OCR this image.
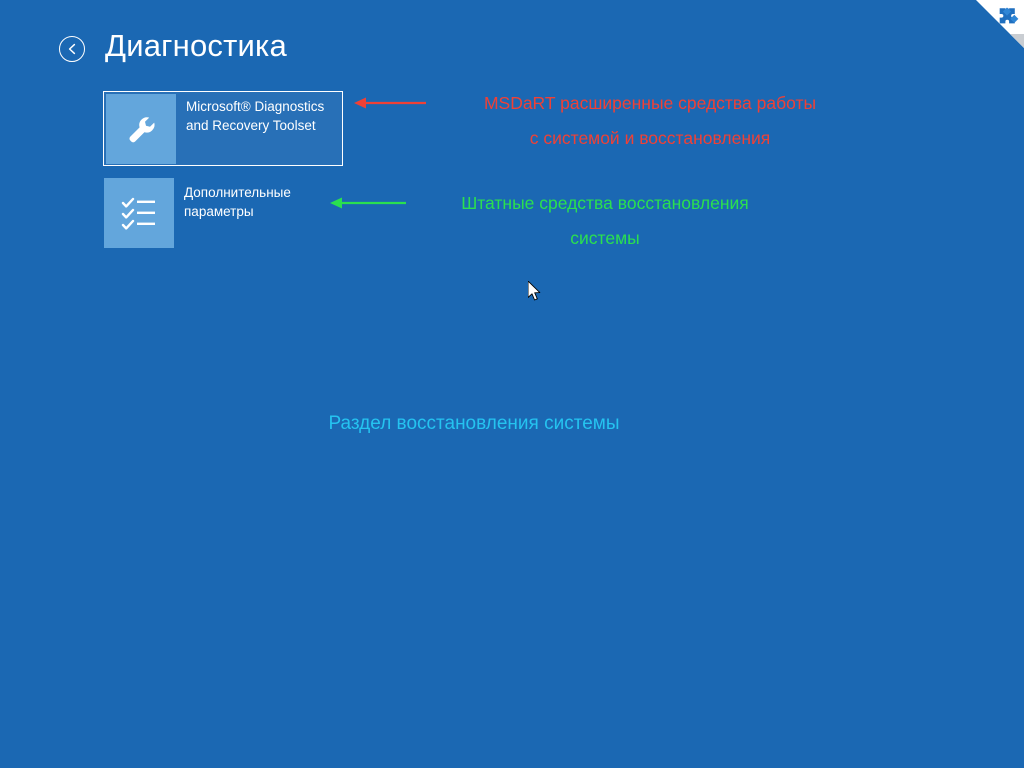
Диагностика
Microsoft® Diagnostics and Recovery Toolset
Дополнительные параметры
MSDaRT расширенные средства работы
с системой и восстановления
Штатные средства восстановления
системы
Раздел восстановления системы
